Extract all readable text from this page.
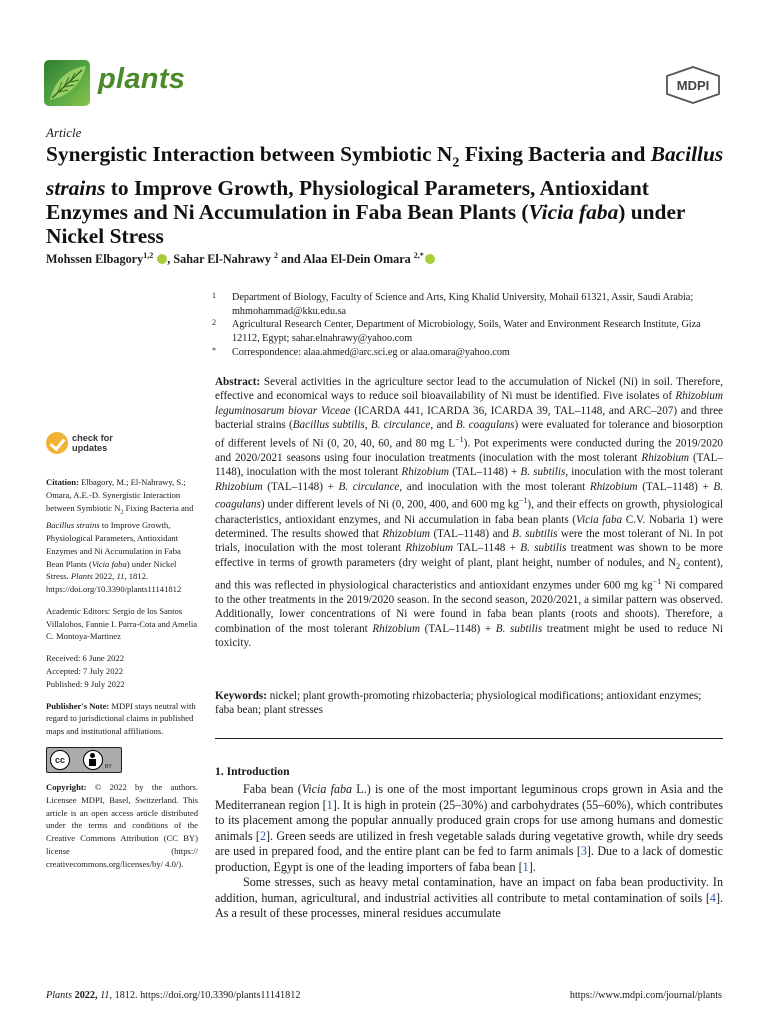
plants	MDPI
Article
Synergistic Interaction between Symbiotic $N_2$ Fixing Bacteria and Bacillus strains to Improve Growth, Physiological Parameters, Antioxidant Enzymes and Ni Accumulation in Faba Bean Plants (Vicia faba) under Nickel Stress
Mohssen Elbagory$^{1,2}$ , Sahar El-Nahrawy $^2$ and Alaa El-Dein Omara $^{2,*}$
1 Department of Biology, Faculty of Science and Arts, King Khalid University, Mohail 61321, Assir, Saudi Arabia; mhmohammad@kku.edu.sa
2 Agricultural Research Center, Department of Microbiology, Soils, Water and Environment Research Institute, Giza 12112, Egypt; sahar.elnahrawy@yahoo.com
* Correspondence: alaa.ahmed@arc.sci.eg or alaa.omara@yahoo.com
Abstract: Several activities in the agriculture sector lead to the accumulation of Nickel (Ni) in soil. Therefore, effective and economical ways to reduce soil bioavailability of Ni must be identified. Five isolates of Rhizobium leguminosarum biovar Viceae (ICARDA 441, ICARDA 36, ICARDA 39, TAL–1148, and ARC–207) and three bacterial strains (Bacillus subtilis, B. circulance, and B. coagulans) were evaluated for tolerance and biosorption of different levels of Ni (0, 20, 40, 60, and 80 mg $L^{-1}$). Pot experiments were conducted during the 2019/2020 and 2020/2021 seasons using four inoculation treatments (inoculation with the most tolerant Rhizobium (TAL–1148), inoculation with the most tolerant Rhizobium (TAL–1148) + B. subtilis, inoculation with the most tolerant Rhizobium (TAL–1148) + B. circulance, and inoculation with the most tolerant Rhizobium (TAL–1148) + B. coagulans) under different levels of Ni (0, 200, 400, and 600 mg $kg^{-1}$), and their effects on growth, physiological characteristics, antioxidant enzymes, and Ni accumulation in faba bean plants (Vicia faba C.V. Nobaria 1) were determined. The results showed that Rhizobium (TAL–1148) and B. subtilis were the most tolerant of Ni. In pot trials, inoculation with the most tolerant Rhizobium TAL–1148 + B. subtilis treatment was shown to be more effective in terms of growth parameters (dry weight of plant, plant height, number of nodules, and $N_2$ content), and this was reflected in physiological characteristics and antioxidant enzymes under 600 mg $kg^{-1}$ Ni compared to the other treatments in the 2019/2020 season. In the second season, 2020/2021, a similar pattern was observed. Additionally, lower concentrations of Ni were found in faba bean plants (roots and shoots). Therefore, a combination of the most tolerant Rhizobium (TAL–1148) + B. subtilis treatment might be used to reduce Ni toxicity.
Keywords: nickel; plant growth-promoting rhizobacteria; physiological modifications; antioxidant enzymes; faba bean; plant stresses
1. Introduction

Faba bean (Vicia faba L.) is one of the most important leguminous crops grown in Asia and the Mediterranean region [1]. It is high in protein (25–30%) and carbohydrates (55–60%), which contributes to its placement among the popular annually produced grain crops for use among humans and domestic animals [2]. Green seeds are utilized in fresh vegetable salads during vegetative growth, while dry seeds are used in prepared food, and the entire plant can be fed to farm animals [3]. Due to a lack of domestic production, Egypt is one of the leading importers of faba bean [1].

Some stresses, such as heavy metal contamination, have an impact on faba bean productivity. In addition, human, agricultural, and industrial activities all contribute to metal contamination of soils [4]. As a result of these processes, mineral residues accumulate

check for updates
Citation: Elbagory, M.; El-Nahrawy, S.; Omara, A.E.-D. Synergistic Interaction between Symbiotic $N_2$ Fixing Bacteria and Bacillus strains to Improve Growth, Physiological Parameters, Antioxidant Enzymes and Ni Accumulation in Faba Bean Plants (Vicia faba) under Nickel Stress. Plants 2022, 11, 1812. https://doi.org/10.3390/plants11141812
Academic Editors: Sergio de los Santos Villalobos, Fannie I. Parra-Cota and Amelia C. Montoya-Martinez
Received: 6 June 2022
Accepted: 7 July 2022
Published: 9 July 2022
Publisher's Note: MDPI stays neutral with regard to jurisdictional claims in published maps and institutional affiliations.
cc
BY
Copyright: © 2022 by the authors. Licensee MDPI, Basel, Switzerland. This article is an open access article distributed under the terms and conditions of the Creative Commons Attribution (CC BY) license (https:// creativecommons.org/licenses/by/ 4.0/).
Plants 2022, 11, 1812. https://doi.org/10.3390/plants11141812	https://www.mdpi.com/journal/plants
